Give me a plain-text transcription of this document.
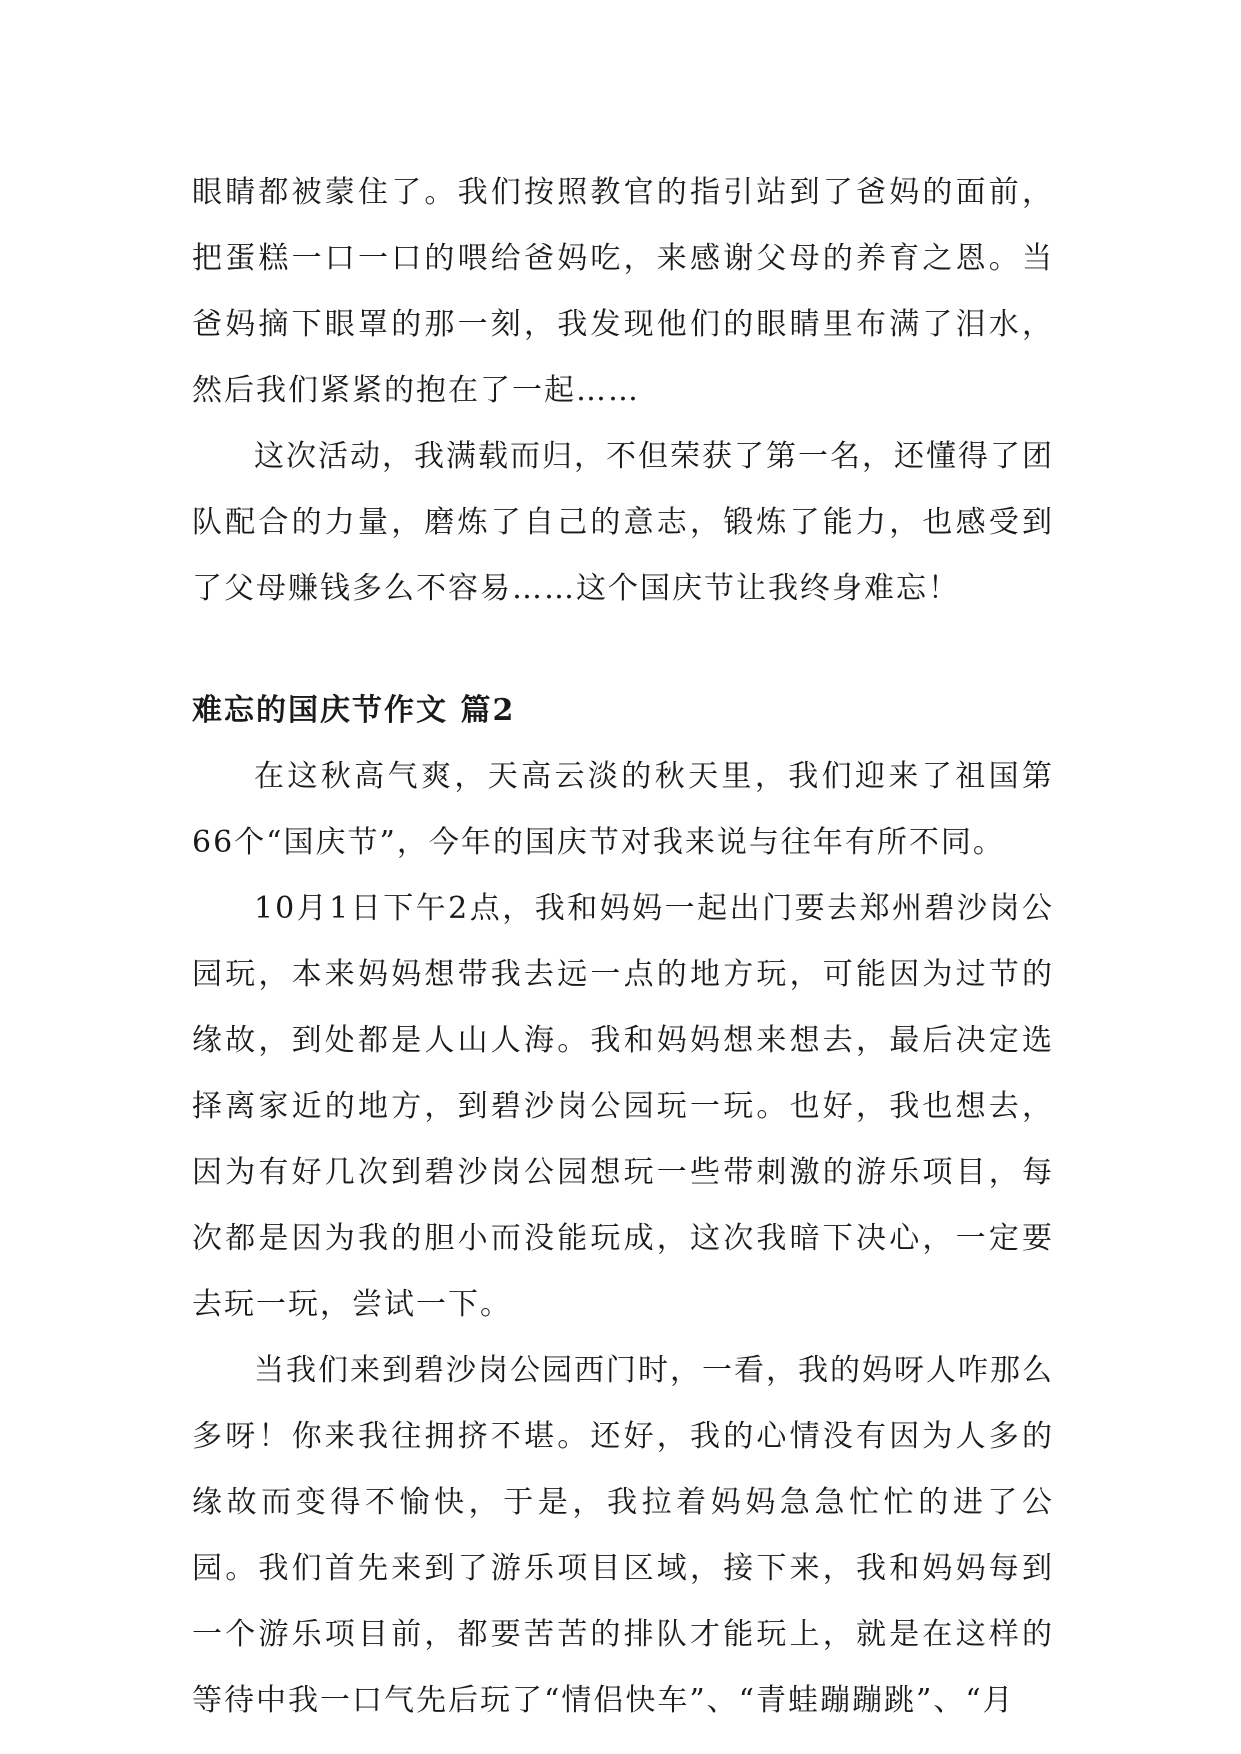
眼睛都被蒙住了。我们按照教官的指引站到了爸妈的面前，把蛋糕一口一口的喂给爸妈吃，来感谢父母的养育之恩。当爸妈摘下眼罩的那一刻，我发现他们的眼睛里布满了泪水，然后我们紧紧的抱在了一起……

这次活动，我满载而归，不但荣获了第一名，还懂得了团队配合的力量，磨炼了自己的意志，锻炼了能力，也感受到了父母赚钱多么不容易……这个国庆节让我终身难忘！

难忘的国庆节作文 篇2

在这秋高气爽，天高云淡的秋天里，我们迎来了祖国第66个“国庆节”，今年的国庆节对我来说与往年有所不同。

10月1日下午2点，我和妈妈一起出门要去郑州碧沙岗公园玩，本来妈妈想带我去远一点的地方玩，可能因为过节的缘故，到处都是人山人海。我和妈妈想来想去，最后决定选择离家近的地方，到碧沙岗公园玩一玩。也好，我也想去，因为有好几次到碧沙岗公园想玩一些带刺激的游乐项目，每次都是因为我的胆小而没能玩成，这次我暗下决心，一定要去玩一玩，尝试一下。

当我们来到碧沙岗公园西门时，一看，我的妈呀人咋那么多呀！你来我往拥挤不堪。还好，我的心情没有因为人多的缘故而变得不愉快，于是，我拉着妈妈急急忙忙的进了公园。我们首先来到了游乐项目区域，接下来，我和妈妈每到一个游乐项目前，都要苦苦的排队才能玩上，就是在这样的等待中我一口气先后玩了“情侣快车”、“青蛙蹦蹦跳”、“月
